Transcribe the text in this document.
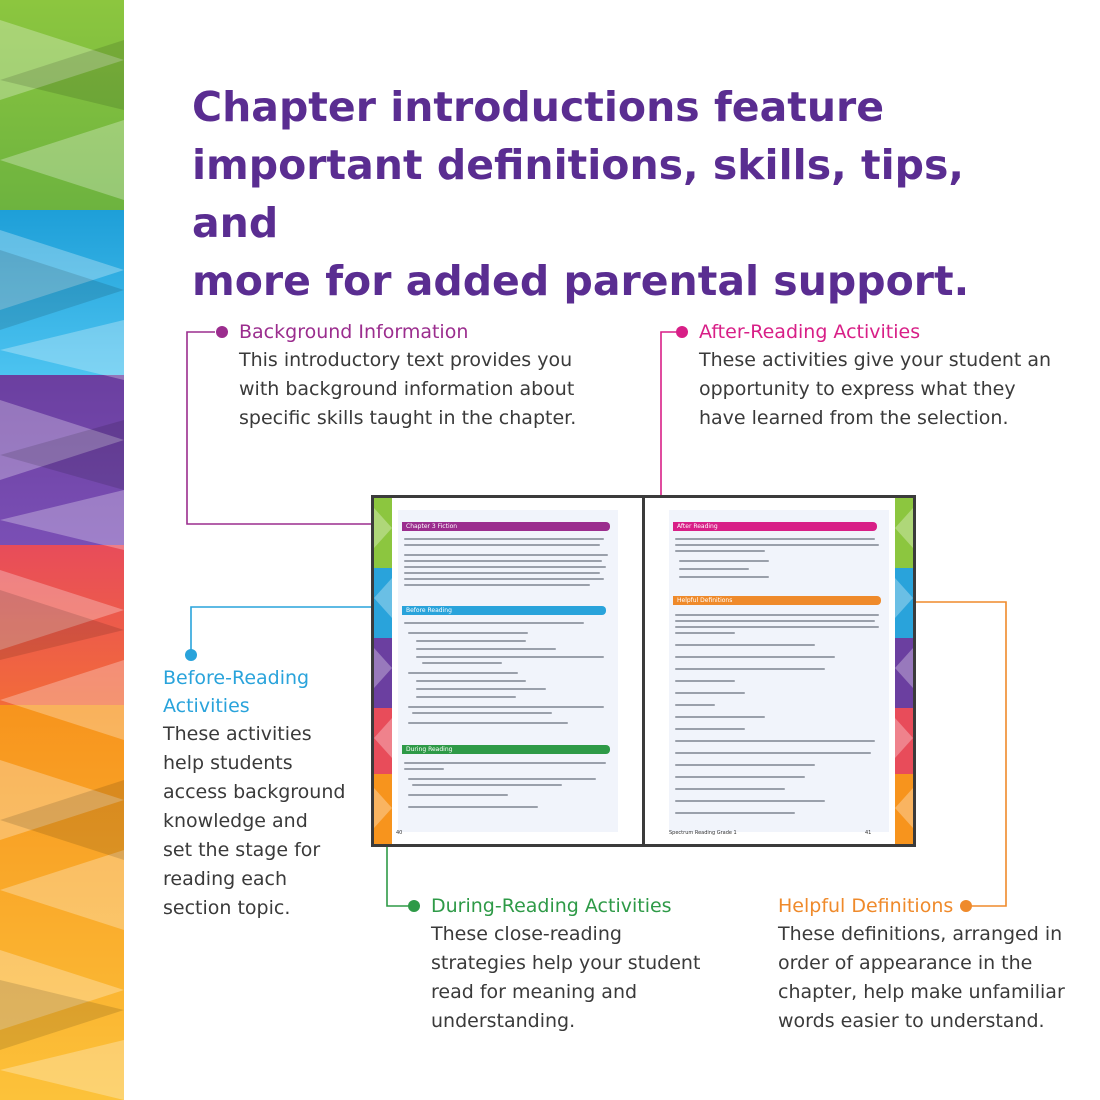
Chapter introductions feature
important definitions, skills, tips, and
more for added parental support.

Background Information

This introductory text provides you

with background information about

specific skills taught in the chapter.

After-Reading Activities

These activities give your student an

opportunity to express what they

have learned from the selection.

Before-Reading

Activities

These activities

help students

access background

knowledge and

set the stage for

reading each

section topic.	During-Reading Activities

These close-reading

strategies help your student

read for meaning and

understanding.

Helpful Definitions

These definitions, arranged in

order of appearance in the

chapter, help make unfamiliar

words easier to understand.

Chapter 3 Fiction
Before Reading
During Reading
40
After Reading
Helpful Definitions
Spectrum Reading Grade 1	41
